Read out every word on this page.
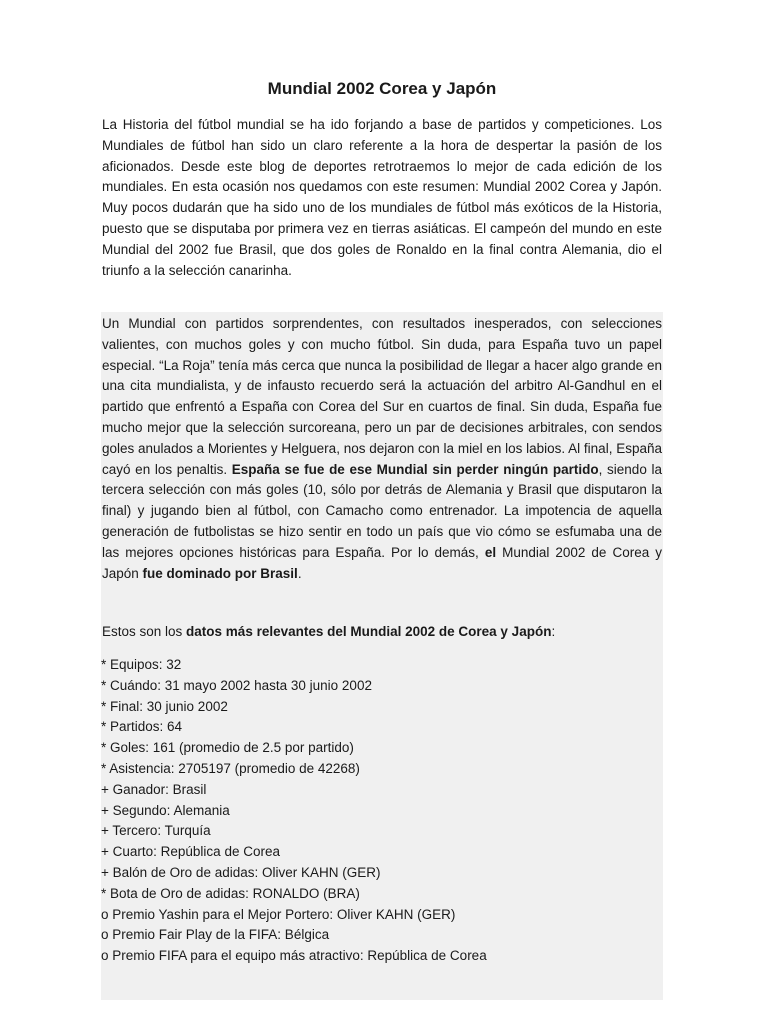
Mundial 2002 Corea y Japón

La Historia del fútbol mundial se ha ido forjando a base de partidos y competiciones. Los Mundiales de fútbol han sido un claro referente a la hora de despertar la pasión de los aficionados. Desde este blog de deportes retrotraemos lo mejor de cada edición de los mundiales. En esta ocasión nos quedamos con este resumen: Mundial 2002 Corea y Japón. Muy pocos dudarán que ha sido uno de los mundiales de fútbol más exóticos de la Historia, puesto que se disputaba por primera vez en tierras asiáticas. El campeón del mundo en este Mundial del 2002 fue Brasil, que dos goles de Ronaldo en la final contra Alemania, dio el triunfo a la selección canarinha.

Un Mundial con partidos sorprendentes, con resultados inesperados, con selecciones valientes, con muchos goles y con mucho fútbol. Sin duda, para España tuvo un papel especial. “La Roja” tenía más cerca que nunca la posibilidad de llegar a hacer algo grande en una cita mundialista, y de infausto recuerdo será la actuación del arbitro Al-Gandhul en el partido que enfrentó a España con Corea del Sur en cuartos de final. Sin duda, España fue mucho mejor que la selección surcoreana, pero un par de decisiones arbitrales, con sendos goles anulados a Morientes y Helguera, nos dejaron con la miel en los labios. Al final, España cayó en los penaltis. España se fue de ese Mundial sin perder ningún partido, siendo la tercera selección con más goles (10, sólo por detrás de Alemania y Brasil que disputaron la final) y jugando bien al fútbol, con Camacho como entrenador. La impotencia de aquella generación de futbolistas se hizo sentir en todo un país que vio cómo se esfumaba una de las mejores opciones históricas para España. Por lo demás, el Mundial 2002 de Corea y Japón fue dominado por Brasil.

Estos son los datos más relevantes del Mundial 2002 de Corea y Japón:

* Equipos: 32
* Cuándo: 31 mayo 2002 hasta 30 junio 2002
* Final: 30 junio 2002
* Partidos: 64
* Goles: 161 (promedio de 2.5 por partido)
* Asistencia: 2705197 (promedio de 42268)
+ Ganador: Brasil
+ Segundo: Alemania
+ Tercero: Turquía
+ Cuarto: República de Corea
+ Balón de Oro de adidas: Oliver KAHN (GER)
* Bota de Oro de adidas: RONALDO (BRA)
o Premio Yashin para el Mejor Portero: Oliver KAHN (GER)
o Premio Fair Play de la FIFA: Bélgica
o Premio FIFA para el equipo más atractivo: República de Corea
